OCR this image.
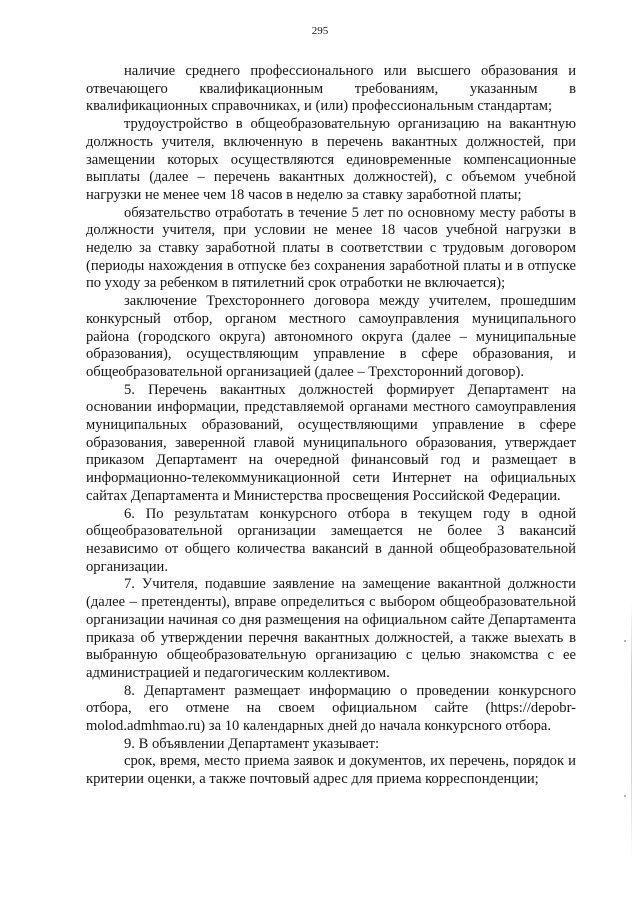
295

наличие среднего профессионального или высшего образования и отвечающего квалификационным требованиям, указанным в квалификационных справочниках, и (или) профессиональным стандартам;

трудоустройство в общеобразовательную организацию на вакантную должность учителя, включенную в перечень вакантных должностей, при замещении которых осуществляются единовременные компенсационные выплаты (далее – перечень вакантных должностей), с объемом учебной нагрузки не менее чем 18 часов в неделю за ставку заработной платы;

обязательство отработать в течение 5 лет по основному месту работы в должности учителя, при условии не менее 18 часов учебной нагрузки в неделю за ставку заработной платы в соответствии с трудовым договором (периоды нахождения в отпуске без сохранения заработной платы и в отпуске по уходу за ребенком в пятилетний срок отработки не включается);

заключение Трехстороннего договора между учителем, прошедшим конкурсный отбор, органом местного самоуправления муниципального района (городского округа) автономного округа (далее – муниципальные образования), осуществляющим управление в сфере образования, и общеобразовательной организацией (далее – Трехсторонний договор).

5. Перечень вакантных должностей формирует Департамент на основании информации, представляемой органами местного самоуправления муниципальных образований, осуществляющими управление в сфере образования, заверенной главой муниципального образования, утверждает приказом Департамент на очередной финансовый год и размещает в информационно-телекоммуникационной сети Интернет на официальных сайтах Департамента и Министерства просвещения Российской Федерации.

6. По результатам конкурсного отбора в текущем году в одной общеобразовательной организации замещается не более 3 вакансий независимо от общего количества вакансий в данной общеобразовательной организации.

7. Учителя, подавшие заявление на замещение вакантной должности (далее – претенденты), вправе определиться с выбором общеобразовательной организации начиная со дня размещения на официальном сайте Департамента приказа об утверждении перечня вакантных должностей, а также выехать в выбранную общеобразовательную организацию с целью знакомства с ее администрацией и педагогическим коллективом.

8. Департамент размещает информацию о проведении конкурсного отбора, его отмене на своем официальном сайте (https://depobr-molod.admhmao.ru) за 10 календарных дней до начала конкурсного отбора.

9. В объявлении Департамент указывает:

срок, время, место приема заявок и документов, их перечень, порядок и критерии оценки, а также почтовый адрес для приема корреспонденции;
